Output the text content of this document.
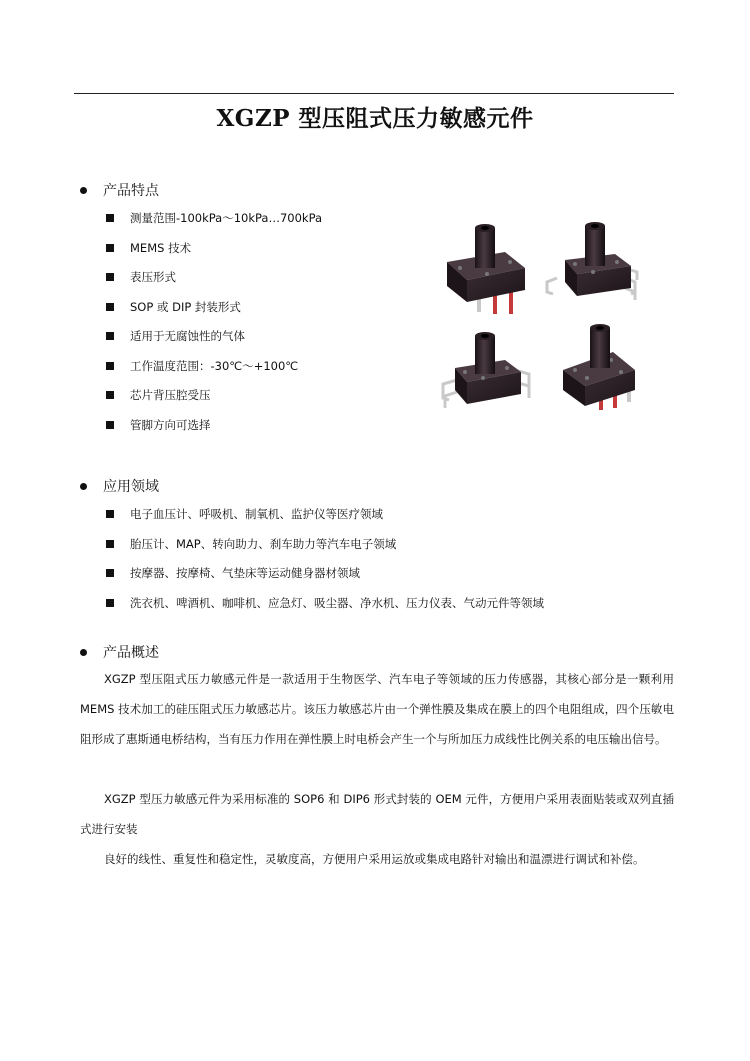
XGZP 型压阻式压力敏感元件
产品特点
测量范围-100kPa～10kPa…700kPa
MEMS 技术
表压形式
SOP 或 DIP 封装形式
适用于无腐蚀性的气体
工作温度范围：-30℃～+100℃
芯片背压腔受压
管脚方向可选择
应用领域
电子血压计、呼吸机、制氧机、监护仪等医疗领域
胎压计、MAP、转向助力、刹车助力等汽车电子领域
按摩器、按摩椅、气垫床等运动健身器材领域
洗衣机、啤酒机、咖啡机、应急灯、吸尘器、净水机、压力仪表、气动元件等领域
产品概述

XGZP 型压阻式压力敏感元件是一款适用于生物医学、汽车电子等领域的压力传感器，其核心部分是一颗利用 MEMS 技术加工的硅压阻式压力敏感芯片。该压力敏感芯片由一个弹性膜及集成在膜上的四个电阻组成，四个压敏电阻形成了惠斯通电桥结构，当有压力作用在弹性膜上时电桥会产生一个与所加压力成线性比例关系的电压输出信号。

XGZP 型压力敏感元件为采用标准的 SOP6 和 DIP6 形式封装的 OEM 元件，方便用户采用表面贴装或双列直插式进行安装

良好的线性、重复性和稳定性，灵敏度高，方便用户采用运放或集成电路针对输出和温漂进行调试和补偿。
